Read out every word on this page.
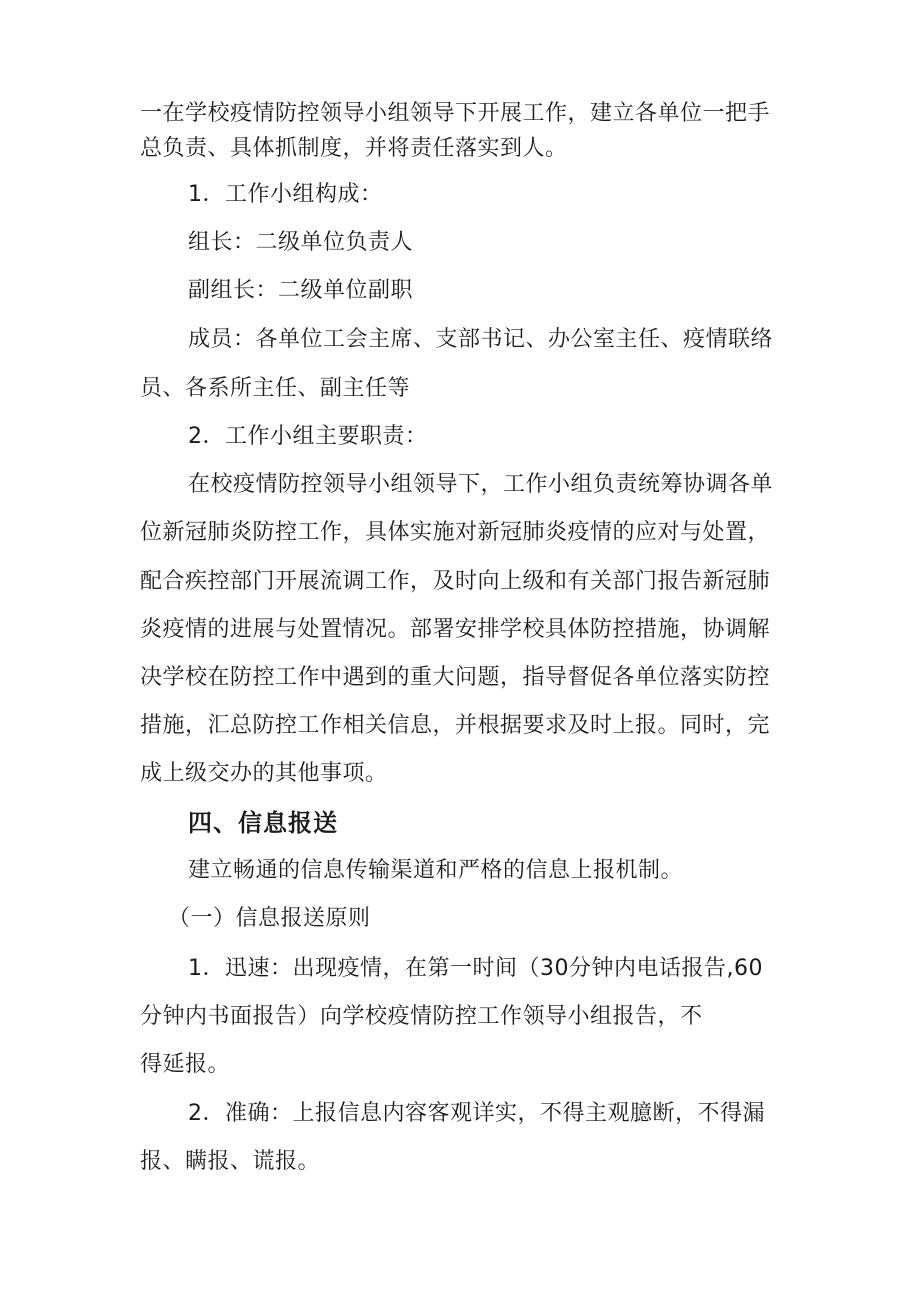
一在学校疫情防控领导小组领导下开展工作，建立各单位一把手
总负责、具体抓制度，并将责任落实到人。
1．工作小组构成：
组长：二级单位负责人
副组长：二级单位副职
成员：各单位工会主席、支部书记、办公室主任、疫情联络
员、各系所主任、副主任等
2．工作小组主要职责：
在校疫情防控领导小组领导下，工作小组负责统筹协调各单
位新冠肺炎防控工作，具体实施对新冠肺炎疫情的应对与处置，
配合疾控部门开展流调工作，及时向上级和有关部门报告新冠肺
炎疫情的进展与处置情况。部署安排学校具体防控措施，协调解
决学校在防控工作中遇到的重大问题，指导督促各单位落实防控
措施，汇总防控工作相关信息，并根据要求及时上报。同时，完
成上级交办的其他事项。
四、信息报送
建立畅通的信息传输渠道和严格的信息上报机制。
（一）信息报送原则
1．迅速：出现疫情，在第一时间（30分钟内电话报告,60
分钟内书面报告）向学校疫情防控工作领导小组报告，不
得延报。
2．准确：上报信息内容客观详实，不得主观臆断，不得漏
报、瞒报、谎报。
